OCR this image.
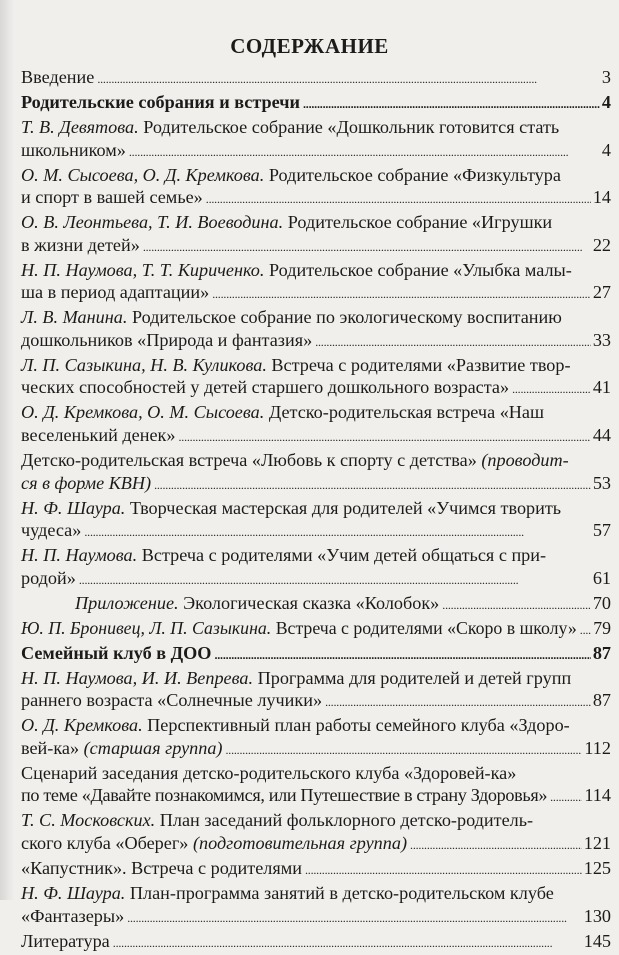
СОДЕРЖАНИЕ
Введение . . .	3
Родительские собрания и встречи . . .	4
Т. В. Девятова. Родительское собрание «Дошкольник готовится стать
школьником» . . .	4
О. М. Сысоева, О. Д. Кремкова. Родительское собрание «Физкультура
и спорт в вашей семье» . . .	14
О. В. Леонтьева, Т. И. Воеводина. Родительское собрание «Игрушки
в жизни детей» . . .	22
Н. П. Наумова, Т. Т. Кириченко. Родительское собрание «Улыбка малы-
ша в период адаптации» . . .	27
Л. В. Манина. Родительское собрание по экологическому воспитанию
дошкольников «Природа и фантазия» . . .	33
Л. П. Сазыкина, Н. В. Куликова. Встреча с родителями «Развитие твор-
ческих способностей у детей старшего дошкольного возраста» . . .	41
О. Д. Кремкова, О. М. Сысоева. Детско-родительская встреча «Наш
веселенький денек» . . .	44
Детско-родительская встреча «Любовь к спорту с детства» (проводит-
ся в форме КВН) . . .	53
Н. Ф. Шаура. Творческая мастерская для родителей «Учимся творить
чудеса» . . .	57
Н. П. Наумова. Встреча с родителями «Учим детей общаться с при-
родой» . . .	61
Приложение. Экологическая сказка «Колобок» . . .	70
Ю. П. Бронивец, Л. П. Сазыкина. Встреча с родителями «Скоро в школу» . . . 79
Семейный клуб в ДОО . . .	87
Н. П. Наумова, И. И. Вепрева. Программа для родителей и детей групп
раннего возраста «Солнечные лучики» . . .	87
О. Д. Кремкова. Перспективный план работы семейного клуба «Здоро-
вей-ка» (старшая группа) . . .	112
Сценарий заседания детско-родительского клуба «Здоровей-ка»
по теме «Давайте познакомимся, или Путешествие в страну Здоровья» . . . 114
Т. С. Московских. План заседаний фольклорного детско-родитель-
ского клуба «Оберег» (подготовительная группа) . . .	121
«Капустник». Встреча с родителями . . .	125
Н. Ф. Шаура. План-программа занятий в детско-родительском клубе
«Фантазеры» . . .	130
Литература . . .	145
